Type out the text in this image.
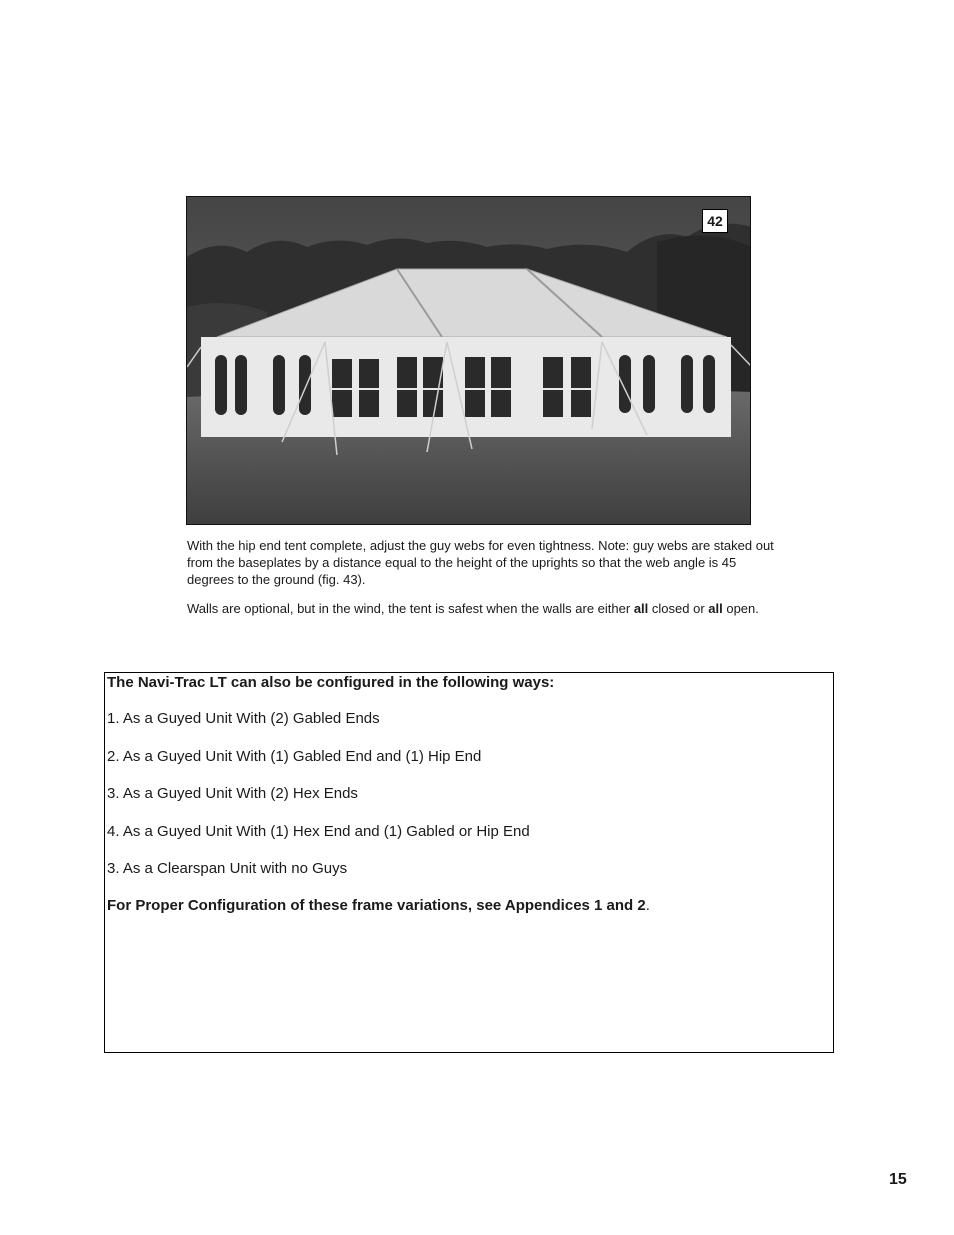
42

With the hip end tent complete, adjust the guy webs for even tightness. Note: guy webs are staked out from the baseplates by a distance equal to the height of the uprights so that the web angle is 45 degrees to the ground (fig. 43).

Walls are optional, but in the wind, the tent is safest when the walls are either all closed or all open.

The Navi-Trac LT can also be configured in the following ways:
1. As a Guyed Unit With (2) Gabled Ends
2. As a Guyed Unit With (1) Gabled End and (1) Hip End
3. As a Guyed Unit With (2) Hex Ends
4. As a Guyed Unit With (1) Hex End and (1) Gabled or Hip End
3. As a Clearspan Unit with no Guys
For Proper Configuration of these frame variations, see Appendices 1 and 2.
15
